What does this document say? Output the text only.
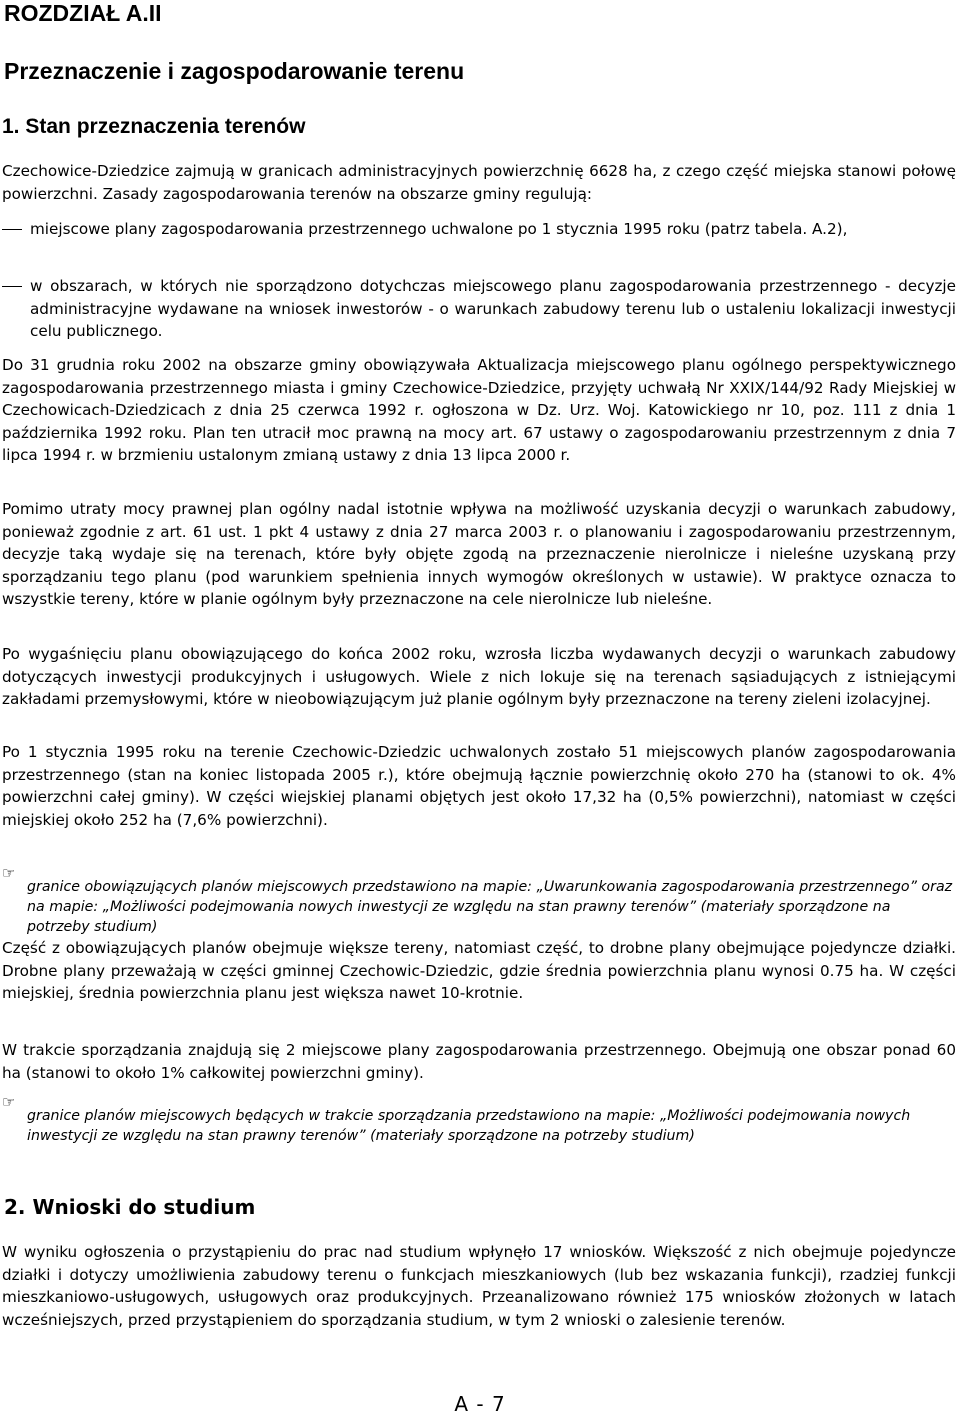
ROZDZIAŁ A.II
Przeznaczenie i zagospodarowanie terenu
1. Stan przeznaczenia terenów

Czechowice-Dziedzice zajmują w granicach administracyjnych powierzchnię 6628 ha, z czego część miejska stanowi połowę powierzchni. Zasady zagospodarowania terenów na obszarze gminy regulują:

miejscowe plany zagospodarowania przestrzennego uchwalone po 1 stycznia 1995 roku (patrz tabela. A.2),

w obszarach, w których nie sporządzono dotychczas miejscowego planu zagospodarowania przestrzennego - decyzje administracyjne wydawane na wniosek inwestorów - o warunkach zabudowy terenu lub o ustaleniu lokalizacji inwestycji celu publicznego.

Do 31 grudnia roku 2002 na obszarze gminy obowiązywała Aktualizacja miejscowego planu ogólnego perspektywicznego zagospodarowania przestrzennego miasta i gminy Czechowice-Dziedzice, przyjęty uchwałą Nr XXIX/144/92 Rady Miejskiej w Czechowicach-Dziedzicach z dnia 25 czerwca 1992 r. ogłoszona w Dz. Urz. Woj. Katowickiego nr 10, poz. 111 z dnia 1 października 1992 roku. Plan ten utracił moc prawną na mocy art. 67 ustawy o zagospodarowaniu przestrzennym z dnia 7 lipca 1994 r. w brzmieniu ustalonym zmianą ustawy z dnia 13 lipca 2000 r.

Pomimo utraty mocy prawnej plan ogólny nadal istotnie wpływa na możliwość uzyskania decyzji o warunkach zabudowy, ponieważ zgodnie z art. 61 ust. 1 pkt 4 ustawy z dnia 27 marca 2003 r. o planowaniu i zagospodarowaniu przestrzennym, decyzje taką wydaje się na terenach, które były objęte zgodą na przeznaczenie nierolnicze i nieleśne uzyskaną przy sporządzaniu tego planu (pod warunkiem spełnienia innych wymogów określonych w ustawie). W praktyce oznacza to wszystkie tereny, które w planie ogólnym były przeznaczone na cele nierolnicze lub nieleśne.

Po wygaśnięciu planu obowiązującego do końca 2002 roku, wzrosła liczba wydawanych decyzji o warunkach zabudowy dotyczących inwestycji produkcyjnych i usługowych. Wiele z nich lokuje się na terenach sąsiadujących z istniejącymi zakładami przemysłowymi, które w nieobowiązującym już planie ogólnym były przeznaczone na tereny zieleni izolacyjnej.

Po 1 stycznia 1995 roku na terenie Czechowic-Dziedzic uchwalonych zostało 51 miejscowych planów zagospodarowania przestrzennego (stan na koniec listopada 2005 r.), które obejmują łącznie powierzchnię około 270 ha (stanowi to ok. 4% powierzchni całej gminy). W części wiejskiej planami objętych jest około 17,32 ha (0,5% powierzchni), natomiast w części miejskiej około 252 ha (7,6% powierzchni).

☞

granice obowiązujących planów miejscowych przedstawiono na mapie: „Uwarunkowania zagospodarowania przestrzennego” oraz na mapie: „Możliwości podejmowania nowych inwestycji ze względu na stan prawny terenów” (materiały sporządzone na potrzeby studium)

Część z obowiązujących planów obejmuje większe tereny, natomiast część, to drobne plany obejmujące pojedyncze działki. Drobne plany przeważają w części gminnej Czechowic-Dziedzic, gdzie średnia powierzchnia planu wynosi 0.75 ha. W części miejskiej, średnia powierzchnia planu jest większa nawet 10-krotnie.

W trakcie sporządzania znajdują się 2 miejscowe plany zagospodarowania przestrzennego. Obejmują one obszar ponad 60 ha (stanowi to około 1% całkowitej powierzchni gminy).

☞

granice planów miejscowych będących w trakcie sporządzania przedstawiono na mapie: „Możliwości podejmowania nowych inwestycji ze względu na stan prawny terenów” (materiały sporządzone na potrzeby studium)

2. Wnioski do studium

W wyniku ogłoszenia o przystąpieniu do prac nad studium wpłynęło 17 wniosków. Większość z nich obejmuje pojedyncze działki i dotyczy umożliwienia zabudowy terenu o funkcjach mieszkaniowych (lub bez wskazania funkcji), rzadziej funkcji mieszkaniowo-usługowych, usługowych oraz produkcyjnych. Przeanalizowano również 175 wniosków złożonych w latach wcześniejszych, przed przystąpieniem do sporządzania studium, w tym 2 wnioski o zalesienie terenów.

A - 7
